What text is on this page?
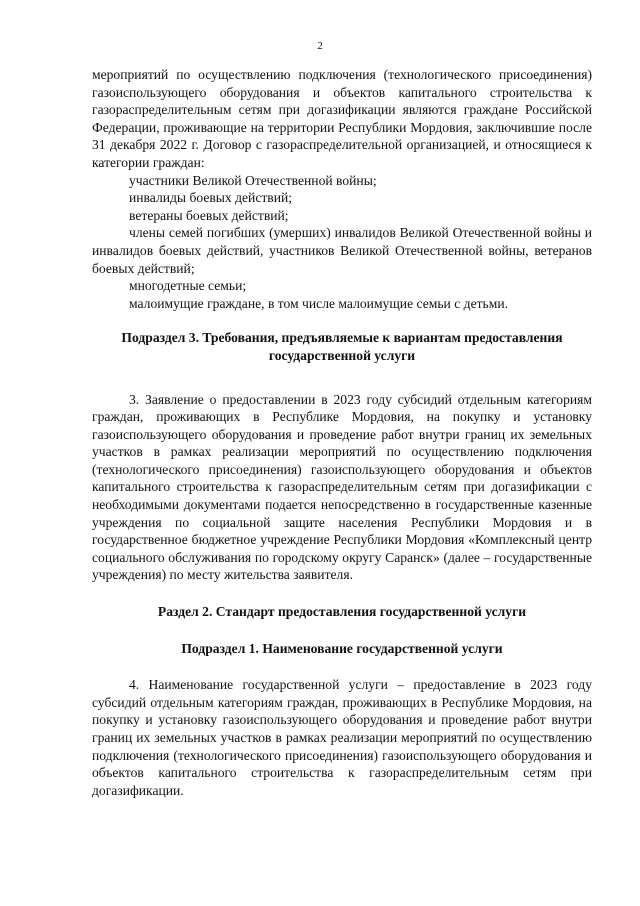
2

мероприятий по осуществлению подключения (технологического присоединения) газоиспользующего оборудования и объектов капитального строительства к газораспределительным сетям при догазификации являются граждане Российской Федерации, проживающие на территории Республики Мордовия, заключившие после 31 декабря 2022 г. Договор с газораспределительной организацией, и относящиеся к категории граждан:

участники Великой Отечественной войны;

инвалиды боевых действий;

ветераны боевых действий;

члены семей погибших (умерших) инвалидов Великой Отечественной войны и инвалидов боевых действий, участников Великой Отечественной войны, ветеранов боевых действий;

многодетные семьи;

малоимущие граждане, в том числе малоимущие семьи с детьми.

Подраздел 3. Требования, предъявляемые к вариантам предоставления государственной услуги

3. Заявление о предоставлении в 2023 году субсидий отдельным категориям граждан, проживающих в Республике Мордовия, на покупку и установку газоиспользующего оборудования и проведение работ внутри границ их земельных участков в рамках реализации мероприятий по осуществлению подключения (технологического присоединения) газоиспользующего оборудования и объектов капитального строительства к газораспределительным сетям при догазификации с необходимыми документами подается непосредственно в государственные казенные учреждения по социальной защите населения Республики Мордовия и в государственное бюджетное учреждение Республики Мордовия «Комплексный центр социального обслуживания по городскому округу Саранск» (далее – государственные учреждения) по месту жительства заявителя.

Раздел 2. Стандарт предоставления государственной услуги
Подраздел 1. Наименование государственной услуги

4. Наименование государственной услуги – предоставление в 2023 году субсидий отдельным категориям граждан, проживающих в Республике Мордовия, на покупку и установку газоиспользующего оборудования и проведение работ внутри границ их земельных участков в рамках реализации мероприятий по осуществлению подключения (технологического присоединения) газоиспользующего оборудования и объектов капитального строительства к газораспределительным сетям при догазификации.
